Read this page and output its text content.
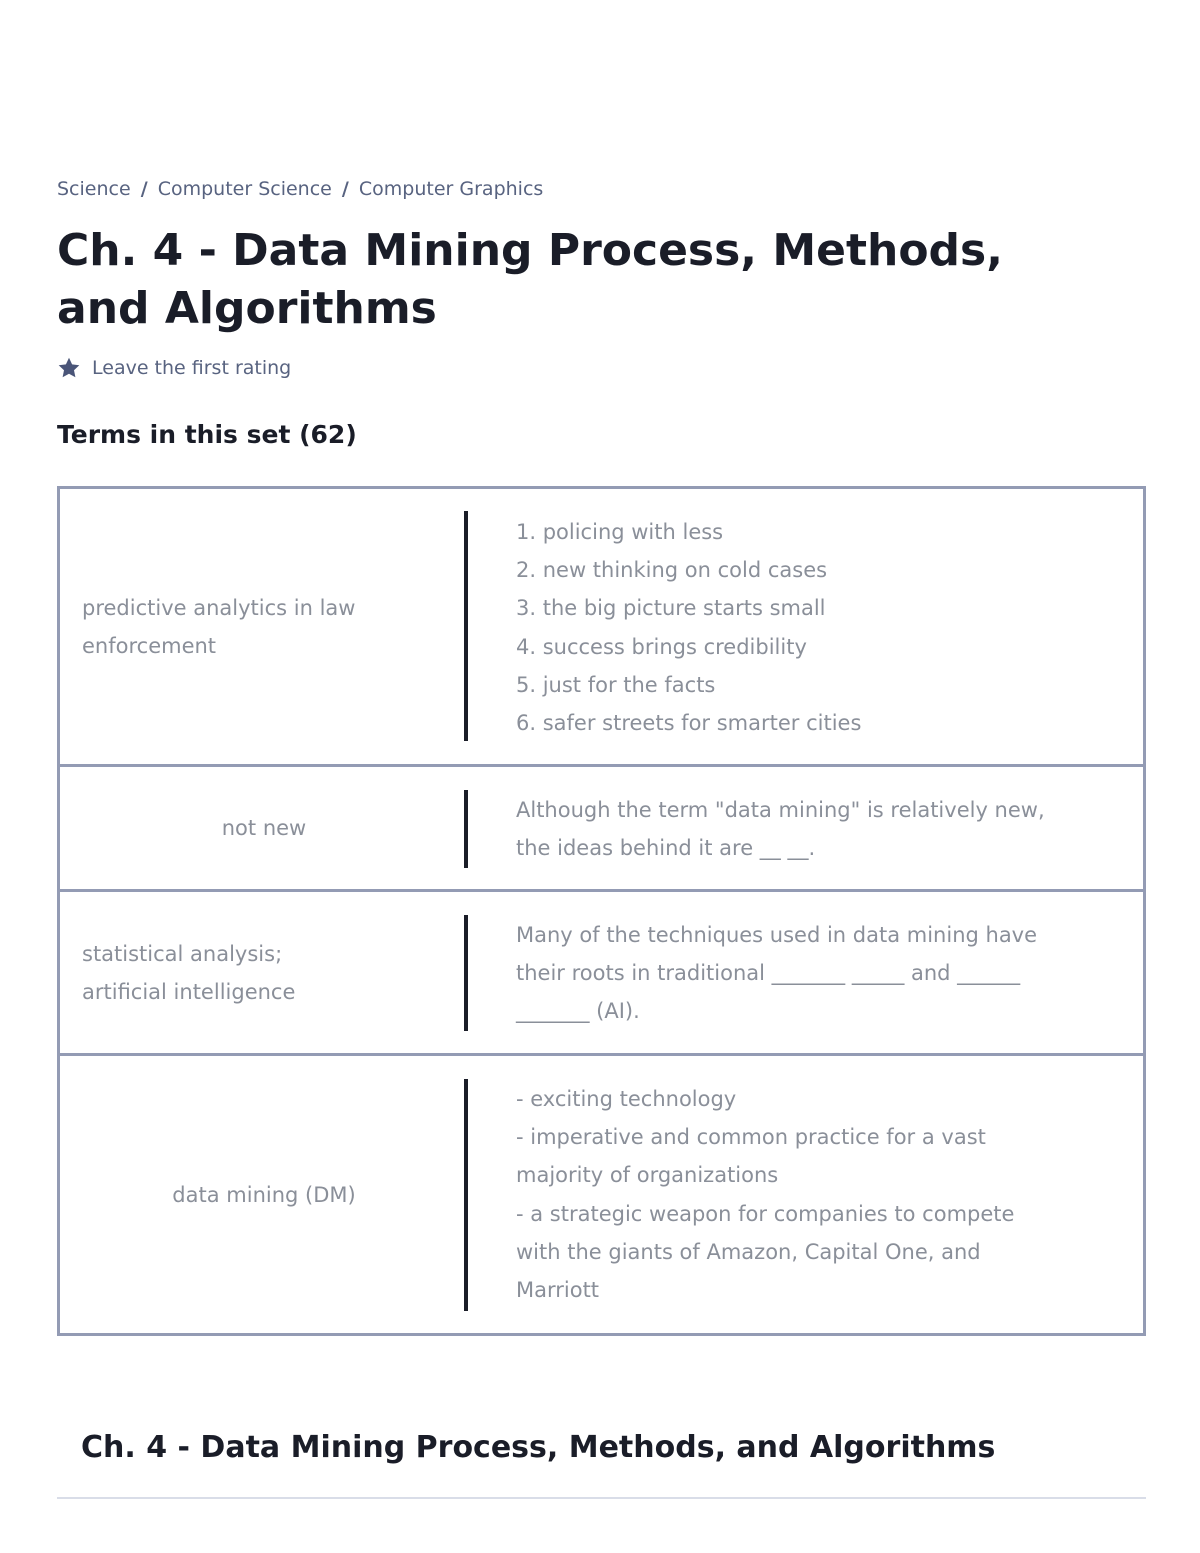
Science / Computer Science / Computer Graphics
Ch. 4 - Data Mining Process, Methods, and Algorithms
Leave the first rating
Terms in this set (62)
predictive analytics in law enforcement
1. policing with less
2. new thinking on cold cases
3. the big picture starts small
4. success brings credibility
5. just for the facts
6. safer streets for smarter cities
not new
Although the term "data mining" is relatively new,
the ideas behind it are __ __.
statistical analysis; artificial intelligence
Many of the techniques used in data mining have
their roots in traditional _______ _____ and ______
_______ (AI).
data mining (DM)
- exciting technology
- imperative and common practice for a vast
majority of organizations
- a strategic weapon for companies to compete
with the giants of Amazon, Capital One, and
Marriott
Ch. 4 - Data Mining Process, Methods, and Algorithms
